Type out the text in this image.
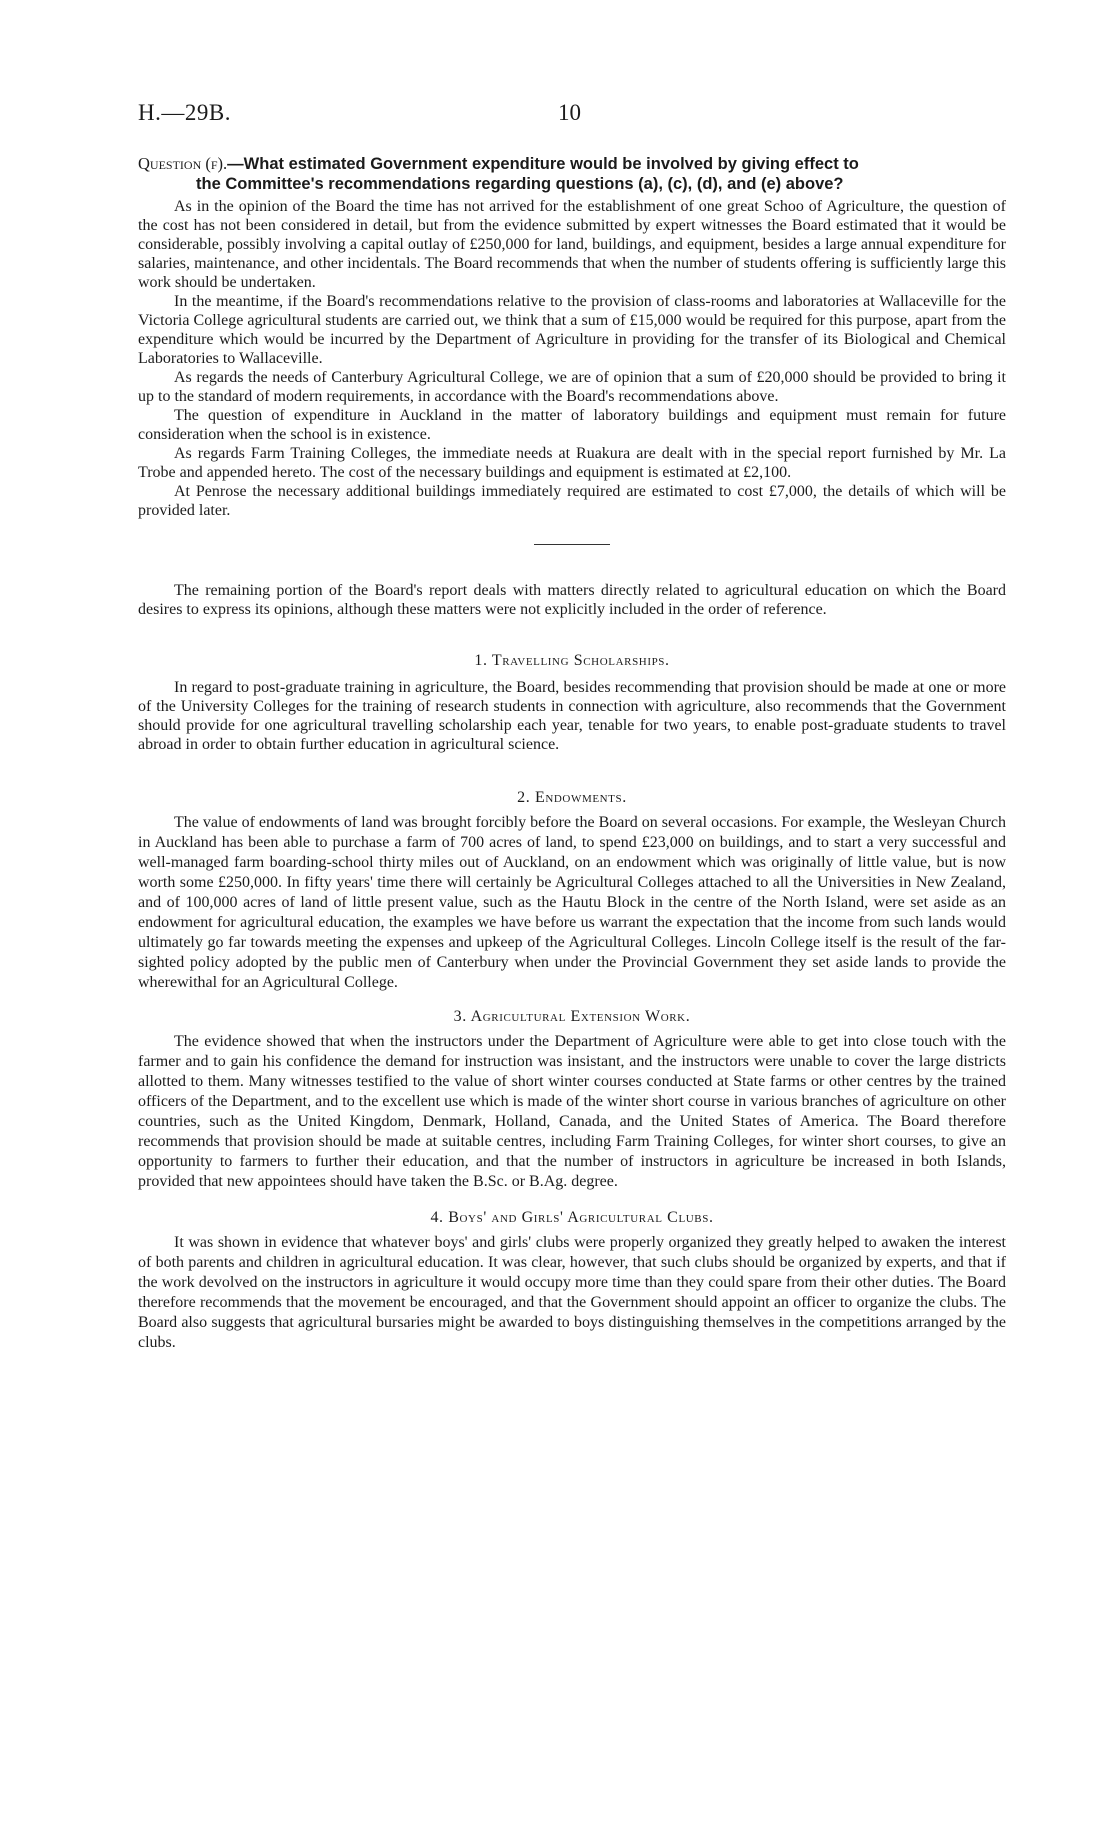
H.—29B.	10
Question (f).—What estimated Government expenditure would be involved by giving effect to
the Committee's recommendations regarding questions (a), (c), (d), and (e) above?

As in the opinion of the Board the time has not arrived for the establishment of one great Schoo of Agriculture, the question of the cost has not been considered in detail, but from the evidence submitted by expert witnesses the Board estimated that it would be considerable, possibly involving a capital outlay of £250,000 for land, buildings, and equipment, besides a large annual expenditure for salaries, maintenance, and other incidentals. The Board recommends that when the number of students offering is sufficiently large this work should be undertaken.

In the meantime, if the Board's recommendations relative to the provision of class-rooms and laboratories at Wallaceville for the Victoria College agricultural students are carried out, we think that a sum of £15,000 would be required for this purpose, apart from the expenditure which would be incurred by the Department of Agriculture in providing for the transfer of its Biological and Chemical Laboratories to Wallaceville.

As regards the needs of Canterbury Agricultural College, we are of opinion that a sum of £20,000 should be provided to bring it up to the standard of modern requirements, in accordance with the Board's recommendations above.

The question of expenditure in Auckland in the matter of laboratory buildings and equipment must remain for future consideration when the school is in existence.

As regards Farm Training Colleges, the immediate needs at Ruakura are dealt with in the special report furnished by Mr. La Trobe and appended hereto. The cost of the necessary buildings and equipment is estimated at £2,100.

At Penrose the necessary additional buildings immediately required are estimated to cost £7,000, the details of which will be provided later.

The remaining portion of the Board's report deals with matters directly related to agricultural education on which the Board desires to express its opinions, although these matters were not explicitly included in the order of reference.

1. Travelling Scholarships.

In regard to post-graduate training in agriculture, the Board, besides recommending that provision should be made at one or more of the University Colleges for the training of research students in connection with agriculture, also recommends that the Government should provide for one agricultural travelling scholarship each year, tenable for two years, to enable post-graduate students to travel abroad in order to obtain further education in agricultural science.

2. Endowments.

The value of endowments of land was brought forcibly before the Board on several occasions. For example, the Wesleyan Church in Auckland has been able to purchase a farm of 700 acres of land, to spend £23,000 on buildings, and to start a very successful and well-managed farm boarding-school thirty miles out of Auckland, on an endowment which was originally of little value, but is now worth some £250,000. In fifty years' time there will certainly be Agricultural Colleges attached to all the Universities in New Zealand, and of 100,000 acres of land of little present value, such as the Hautu Block in the centre of the North Island, were set aside as an endowment for agricultural education, the examples we have before us warrant the expectation that the income from such lands would ultimately go far towards meeting the expenses and upkeep of the Agricultural Colleges. Lincoln College itself is the result of the far-sighted policy adopted by the public men of Canterbury when under the Provincial Government they set aside lands to provide the wherewithal for an Agricultural College.

3. Agricultural Extension Work.

The evidence showed that when the instructors under the Department of Agriculture were able to get into close touch with the farmer and to gain his confidence the demand for instruction was insistant, and the instructors were unable to cover the large districts allotted to them. Many witnesses testified to the value of short winter courses conducted at State farms or other centres by the trained officers of the Department, and to the excellent use which is made of the winter short course in various branches of agriculture on other countries, such as the United Kingdom, Denmark, Holland, Canada, and the United States of America. The Board therefore recommends that provision should be made at suitable centres, including Farm Training Colleges, for winter short courses, to give an opportunity to farmers to further their education, and that the number of instructors in agriculture be increased in both Islands, provided that new appointees should have taken the B.Sc. or B.Ag. degree.

4. Boys' and Girls' Agricultural Clubs.

It was shown in evidence that whatever boys' and girls' clubs were properly organized they greatly helped to awaken the interest of both parents and children in agricultural education. It was clear, however, that such clubs should be organized by experts, and that if the work devolved on the instructors in agriculture it would occupy more time than they could spare from their other duties. The Board therefore recommends that the movement be encouraged, and that the Government should appoint an officer to organize the clubs. The Board also suggests that agricultural bursaries might be awarded to boys distinguishing themselves in the competitions arranged by the clubs.
